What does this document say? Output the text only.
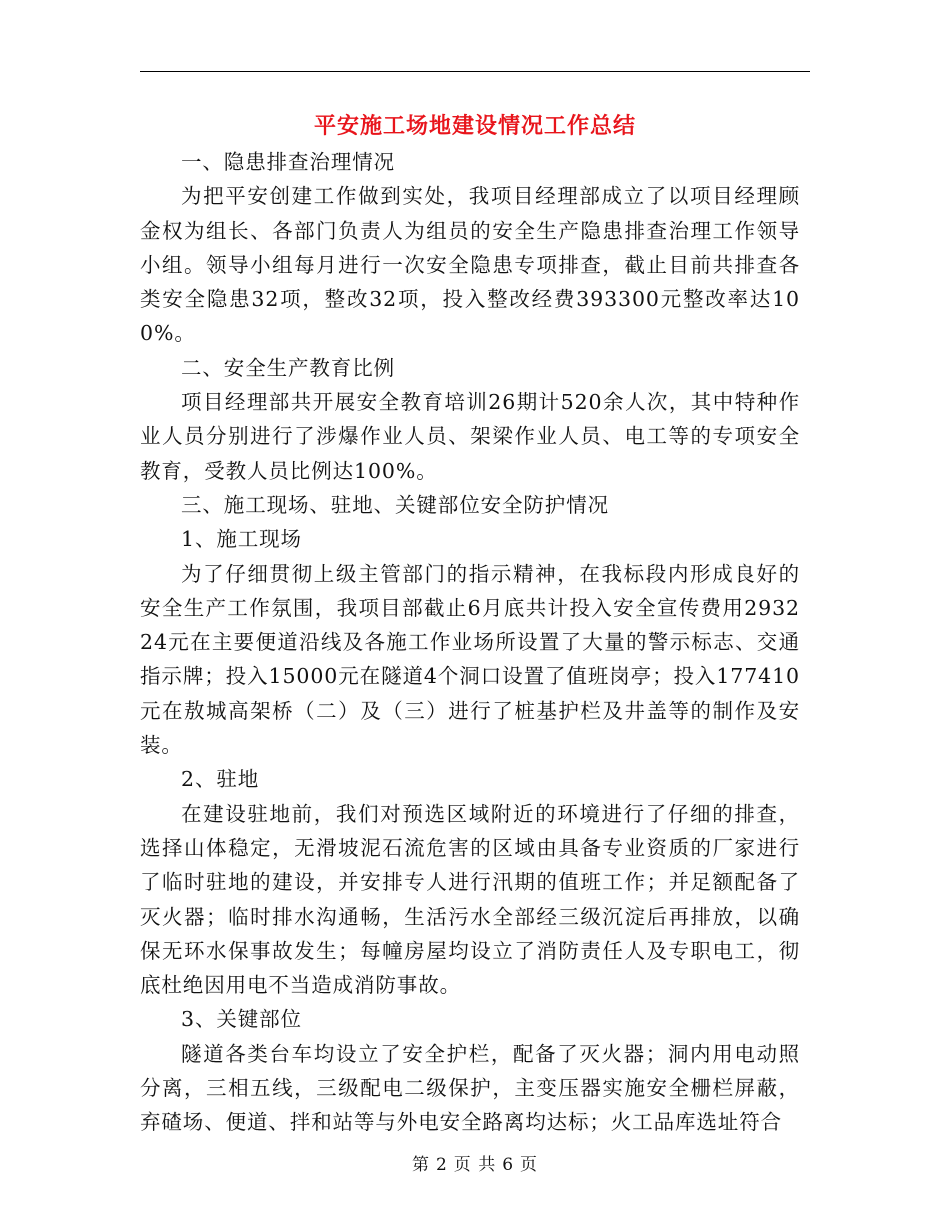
平安施工场地建设情况工作总结

一、隐患排查治理情况

为把平安创建工作做到实处，我项目经理部成立了以项目经理顾金权为组长、各部门负责人为组员的安全生产隐患排查治理工作领导小组。领导小组每月进行一次安全隐患专项排查，截止目前共排查各类安全隐患32项，整改32项，投入整改经费393300元整改率达100%。

二、安全生产教育比例

项目经理部共开展安全教育培训26期计520余人次，其中特种作业人员分别进行了涉爆作业人员、架梁作业人员、电工等的专项安全教育，受教人员比例达100%。

三、施工现场、驻地、关键部位安全防护情况

1、施工现场

为了仔细贯彻上级主管部门的指示精神，在我标段内形成良好的安全生产工作氛围，我项目部截止6月底共计投入安全宣传费用293224元在主要便道沿线及各施工作业场所设置了大量的警示标志、交通指示牌；投入15000元在隧道4个洞口设置了值班岗亭；投入177410元在敖城高架桥（二）及（三）进行了桩基护栏及井盖等的制作及安装。

2、驻地

在建设驻地前，我们对预选区域附近的环境进行了仔细的排查，选择山体稳定，无滑坡泥石流危害的区域由具备专业资质的厂家进行了临时驻地的建设，并安排专人进行汛期的值班工作；并足额配备了灭火器；临时排水沟通畅，生活污水全部经三级沉淀后再排放，以确保无环水保事故发生；每幢房屋均设立了消防责任人及专职电工，彻底杜绝因用电不当造成消防事故。

3、关键部位

隧道各类台车均设立了安全护栏，配备了灭火器；洞内用电动照分离，三相五线，三级配电二级保护，主变压器实施安全栅栏屏蔽，弃碴场、便道、拌和站等与外电安全路离均达标；火工品库选址符合

第 2 页 共 6 页
